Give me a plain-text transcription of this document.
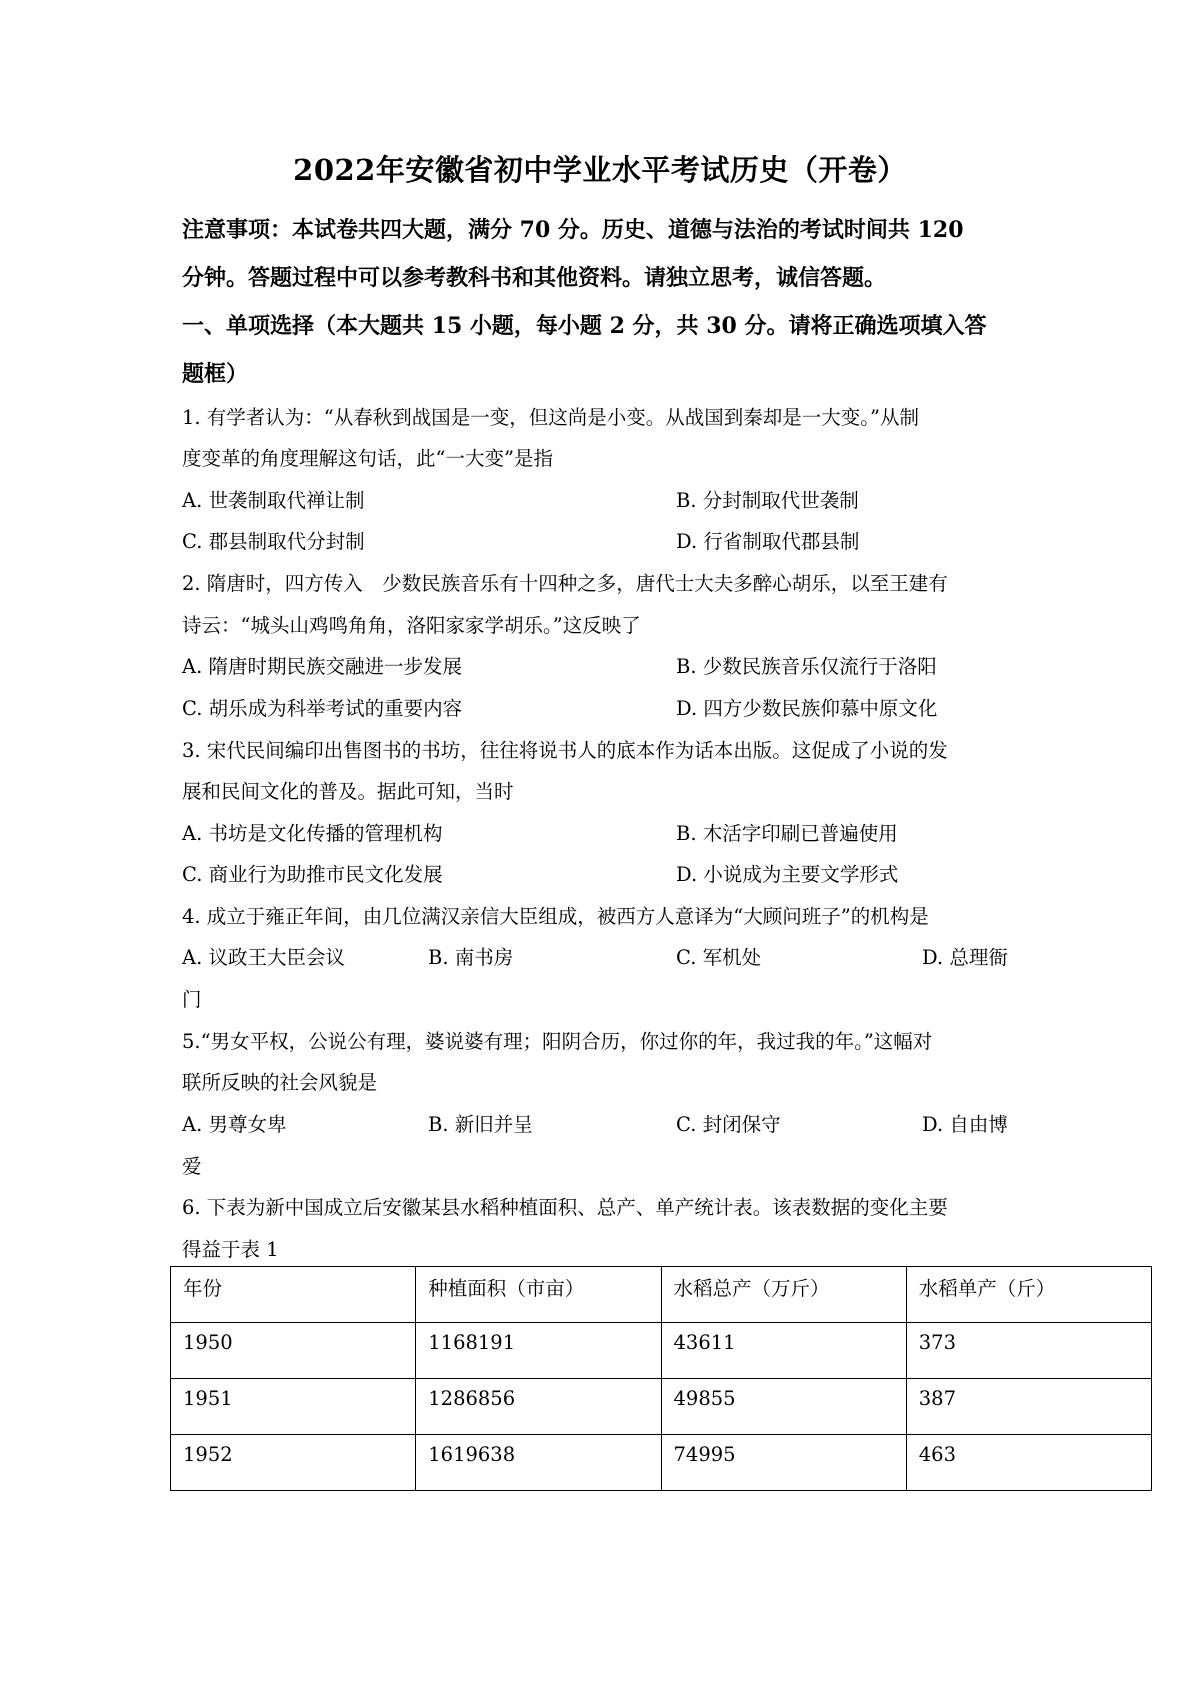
2022年安徽省初中学业水平考试历史（开卷）
注意事项：本试卷共四大题，满分 70 分。历史、道德与法治的考试时间共 120
分钟。答题过程中可以参考教科书和其他资料。请独立思考，诚信答题。
一、单项选择（本大题共 15 小题，每小题 2 分，共 30 分。请将正确选项填入答
题框）
1. 有学者认为：“从春秋到战国是一变，但这尚是小变。从战国到秦却是一大变。”从制
度变革的角度理解这句话，此“一大变”是指
A. 世袭制取代禅让制	B. 分封制取代世袭制
C. 郡县制取代分封制	D. 行省制取代郡县制
2. 隋唐时，四方传入　少数民族音乐有十四种之多，唐代士大夫多醉心胡乐，以至王建有
诗云：“城头山鸡鸣角角，洛阳家家学胡乐。”这反映了
A. 隋唐时期民族交融进一步发展	B. 少数民族音乐仅流行于洛阳
C. 胡乐成为科举考试的重要内容	D. 四方少数民族仰慕中原文化
3. 宋代民间编印出售图书的书坊，往往将说书人的底本作为话本出版。这促成了小说的发
展和民间文化的普及。据此可知，当时
A. 书坊是文化传播的管理机构	B. 木活字印刷已普遍使用
C. 商业行为助推市民文化发展	D. 小说成为主要文学形式
4. 成立于雍正年间，由几位满汉亲信大臣组成，被西方人意译为“大顾问班子”的机构是
A. 议政王大臣会议	B. 南书房	C. 军机处	D. 总理衙
门
5.“男女平权，公说公有理，婆说婆有理；阳阴合历，你过你的年，我过我的年。”这幅对
联所反映的社会风貌是
A. 男尊女卑	B. 新旧并呈	C. 封闭保守	D. 自由博
爱
6. 下表为新中国成立后安徽某县水稻种植面积、总产、单产统计表。该表数据的变化主要
得益于表 1
年份	种植面积（市亩）	水稻总产（万斤）	水稻单产（斤）
1950	1168191	43611	373
1951	1286856	49855	387
1952	1619638	74995	463
